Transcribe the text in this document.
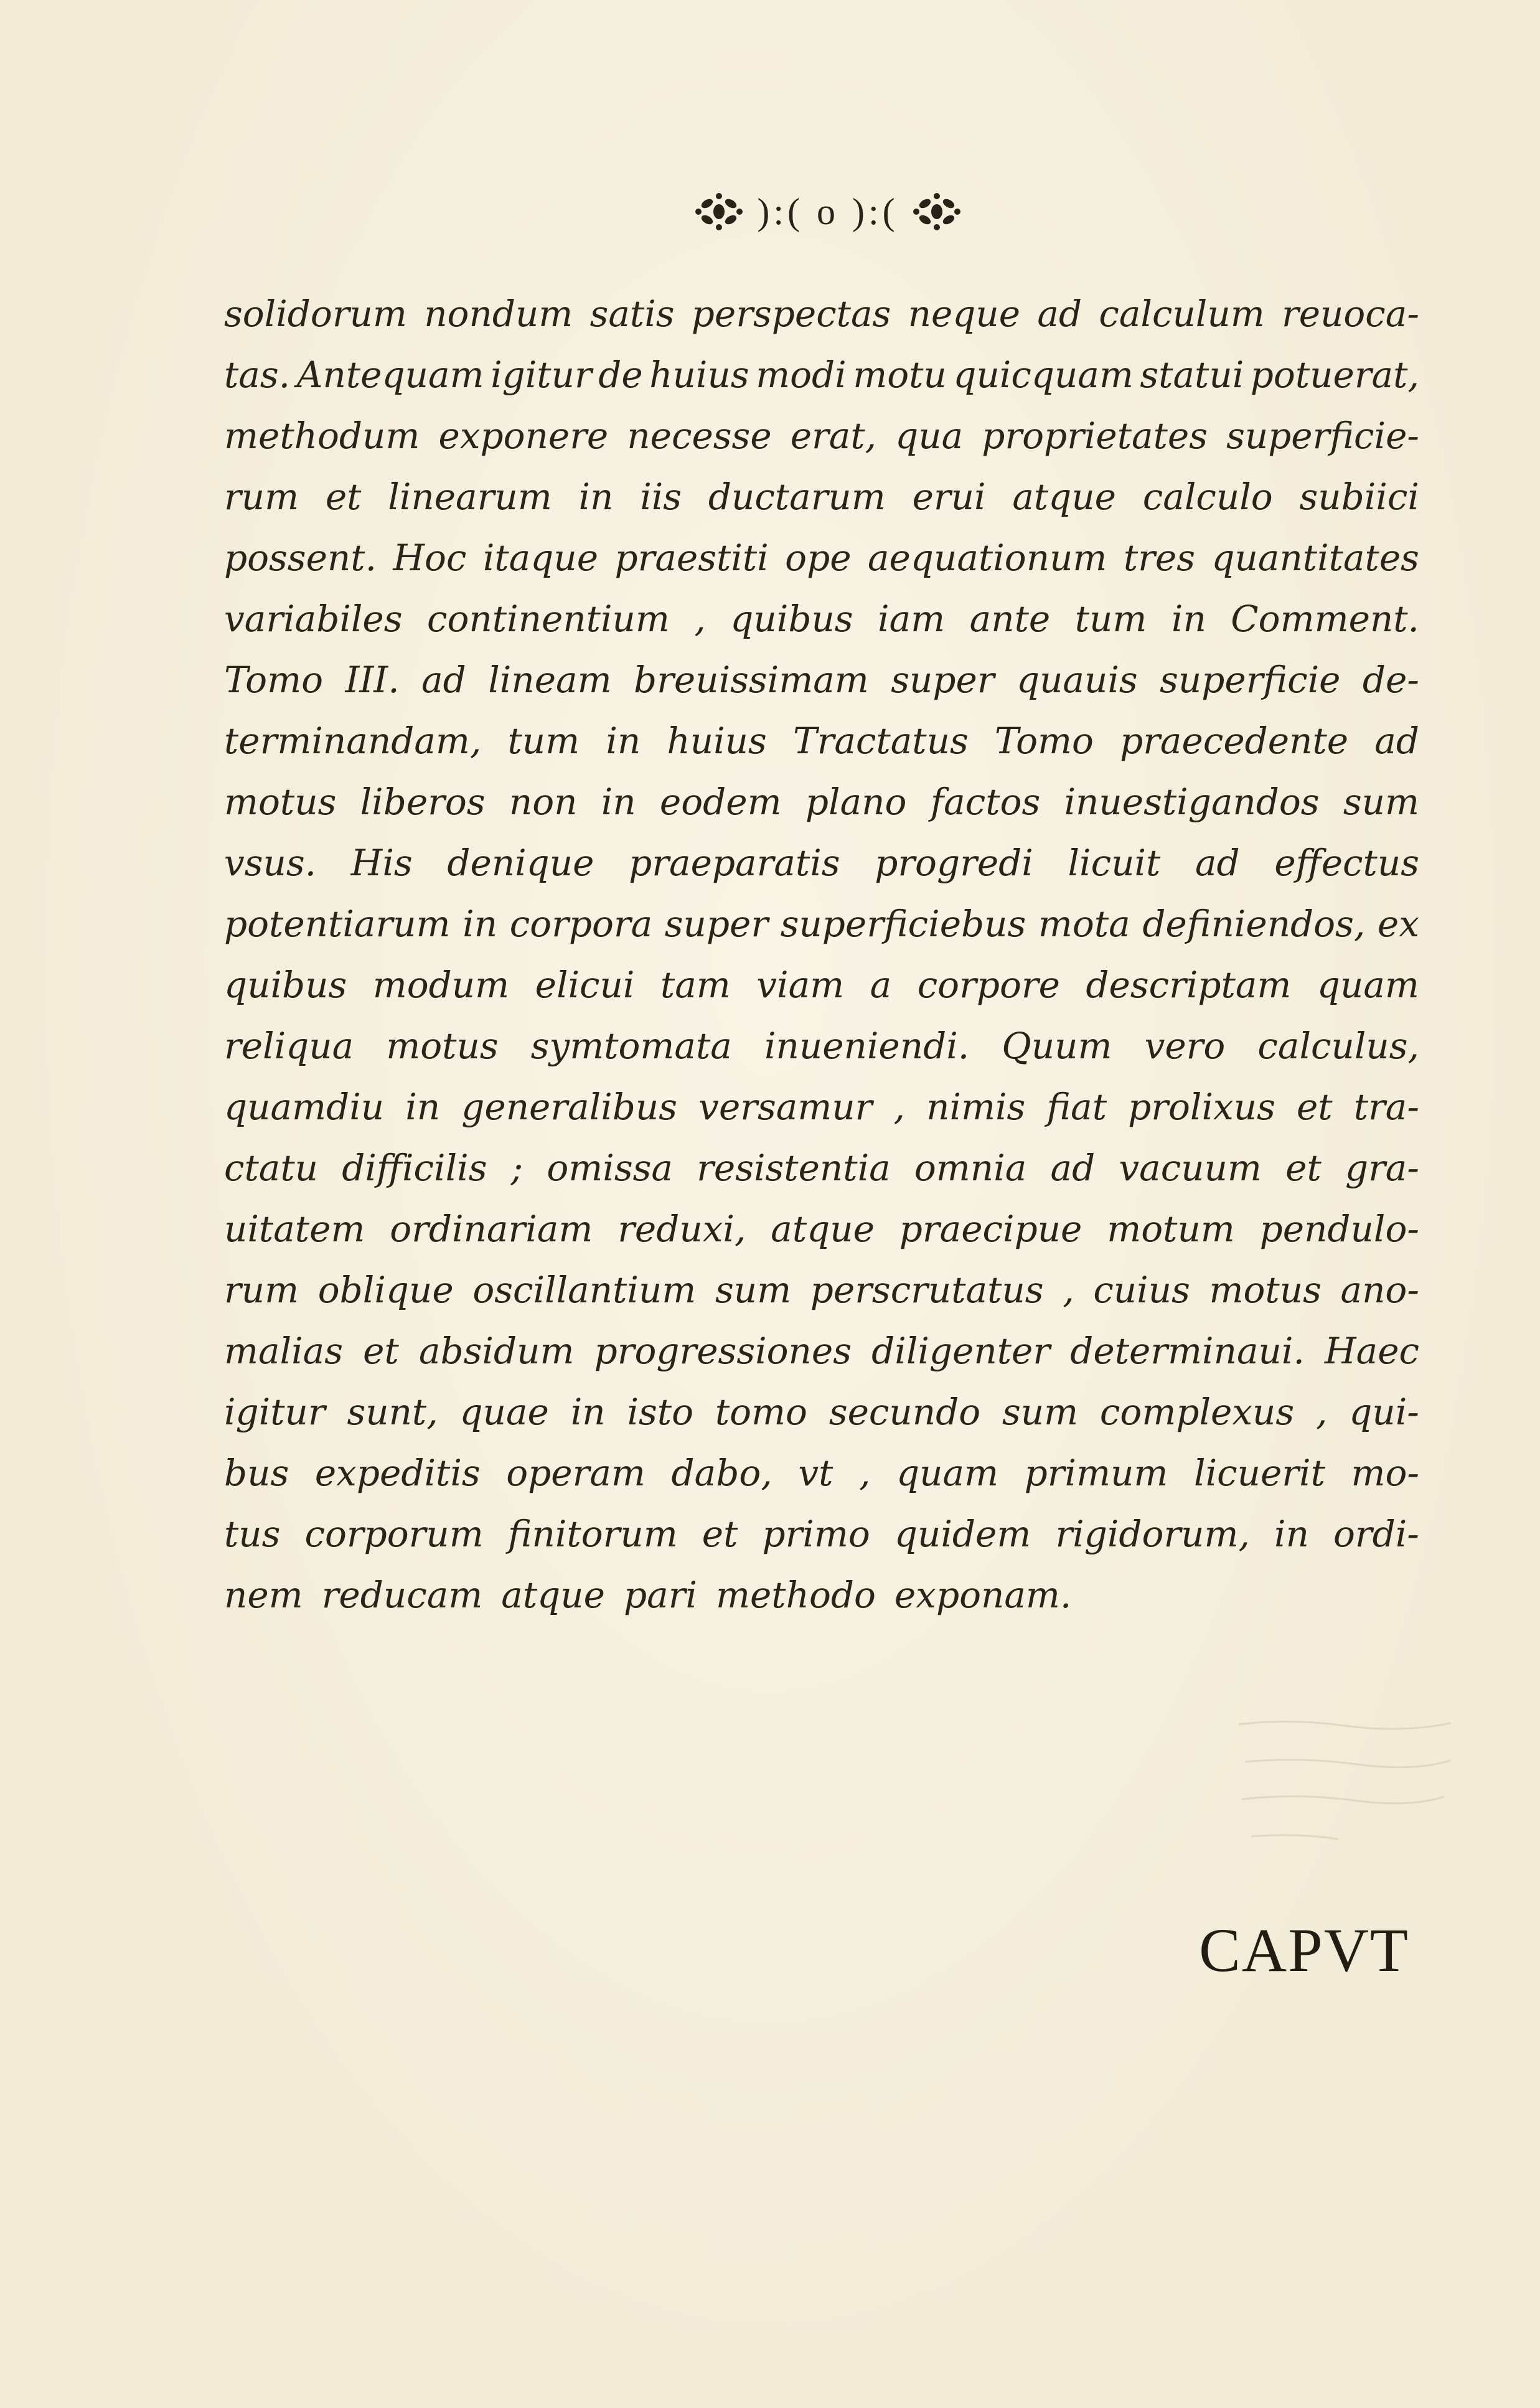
):( o ):(
solidorum nondum satis perspectas neque ad calculum reuoca-
tas. Antequam igitur de huius modi motu quicquam statui potuerat,
methodum exponere necesse erat, qua proprietates superficie-
rum et linearum in iis ductarum erui atque calculo subiici
possent. Hoc itaque praestiti ope aequationum tres quantitates
variabiles continentium , quibus iam ante tum in Comment.
Tomo III. ad lineam breuissimam super quauis superficie de-
terminandam, tum in huius Tractatus Tomo praecedente ad
motus liberos non in eodem plano factos inuestigandos sum
vsus. His denique praeparatis progredi licuit ad effectus
potentiarum in corpora super superficiebus mota definiendos, ex
quibus modum elicui tam viam a corpore descriptam quam
reliqua motus symtomata inueniendi. Quum vero calculus,
quamdiu in generalibus versamur , nimis fiat prolixus et tra-
ctatu difficilis ; omissa resistentia omnia ad vacuum et gra-
uitatem ordinariam reduxi, atque praecipue motum pendulo-
rum oblique oscillantium sum perscrutatus , cuius motus ano-
malias et absidum progressiones diligenter determinaui. Haec
igitur sunt, quae in isto tomo secundo sum complexus , qui-
bus expeditis operam dabo, vt , quam primum licuerit mo-
tus corporum finitorum et primo quidem rigidorum, in ordi-
nem reducam atque pari methodo exponam.
CAPVT
